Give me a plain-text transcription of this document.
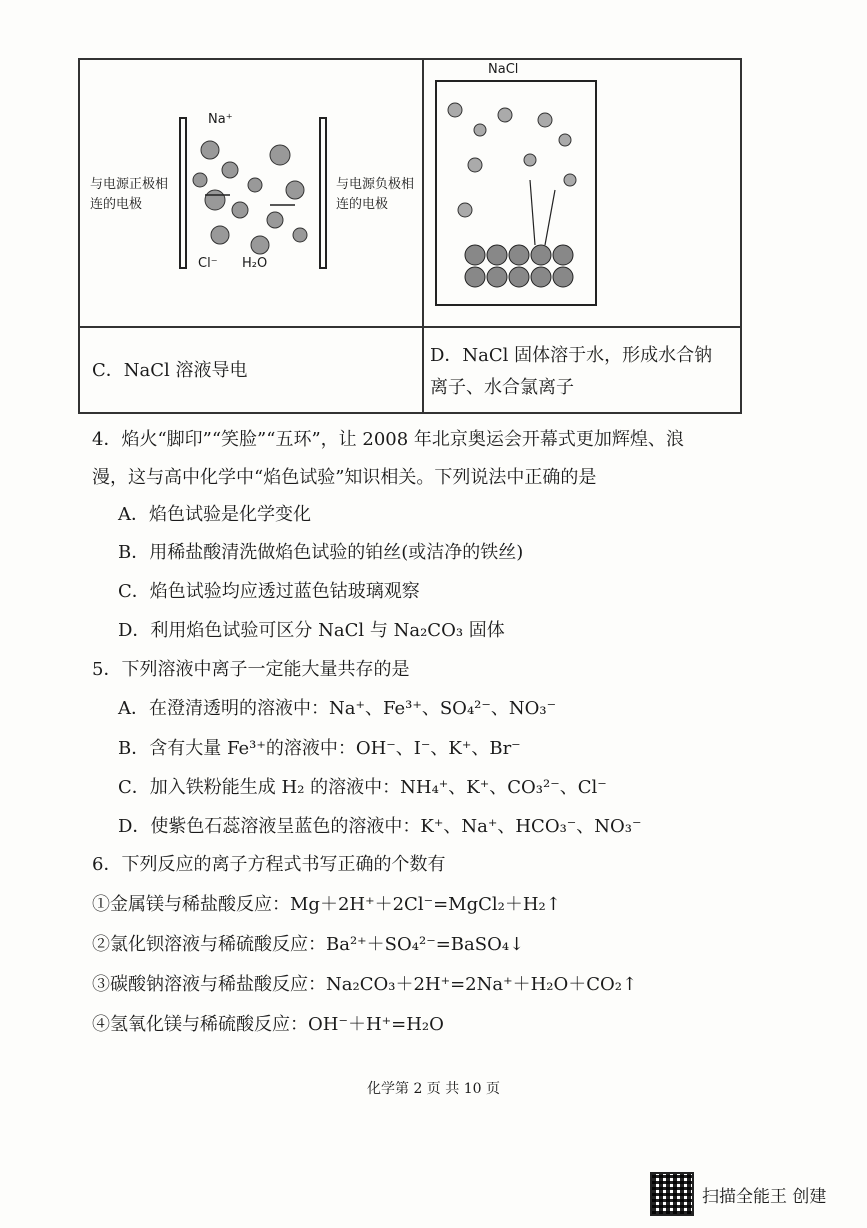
与电源正极相连的电极
与电源负极相连的电极
Na⁺
Cl⁻ H₂O
NaCl
C．NaCl 溶液导电
D．NaCl 固体溶于水，形成水合钠离子、水合氯离子
4．焰火“脚印”“笑脸”“五环”，让 2008 年北京奥运会开幕式更加辉煌、浪
漫，这与高中化学中“焰色试验”知识相关。下列说法中正确的是
A．焰色试验是化学变化
B．用稀盐酸清洗做焰色试验的铂丝(或洁净的铁丝)
C．焰色试验均应透过蓝色钴玻璃观察
D．利用焰色试验可区分 NaCl 与 Na₂CO₃ 固体
5．下列溶液中离子一定能大量共存的是
A．在澄清透明的溶液中：Na⁺、Fe³⁺、SO₄²⁻、NO₃⁻
B．含有大量 Fe³⁺的溶液中：OH⁻、I⁻、K⁺、Br⁻
C．加入铁粉能生成 H₂ 的溶液中：NH₄⁺、K⁺、CO₃²⁻、Cl⁻
D．使紫色石蕊溶液呈蓝色的溶液中：K⁺、Na⁺、HCO₃⁻、NO₃⁻
6．下列反应的离子方程式书写正确的个数有
①金属镁与稀盐酸反应：Mg＋2H⁺＋2Cl⁻=MgCl₂＋H₂↑
②氯化钡溶液与稀硫酸反应：Ba²⁺＋SO₄²⁻=BaSO₄↓
③碳酸钠溶液与稀盐酸反应：Na₂CO₃＋2H⁺=2Na⁺＋H₂O＋CO₂↑
④氢氧化镁与稀硫酸反应：OH⁻＋H⁺=H₂O
化学第 2 页 共 10 页
扫描全能王 创建
